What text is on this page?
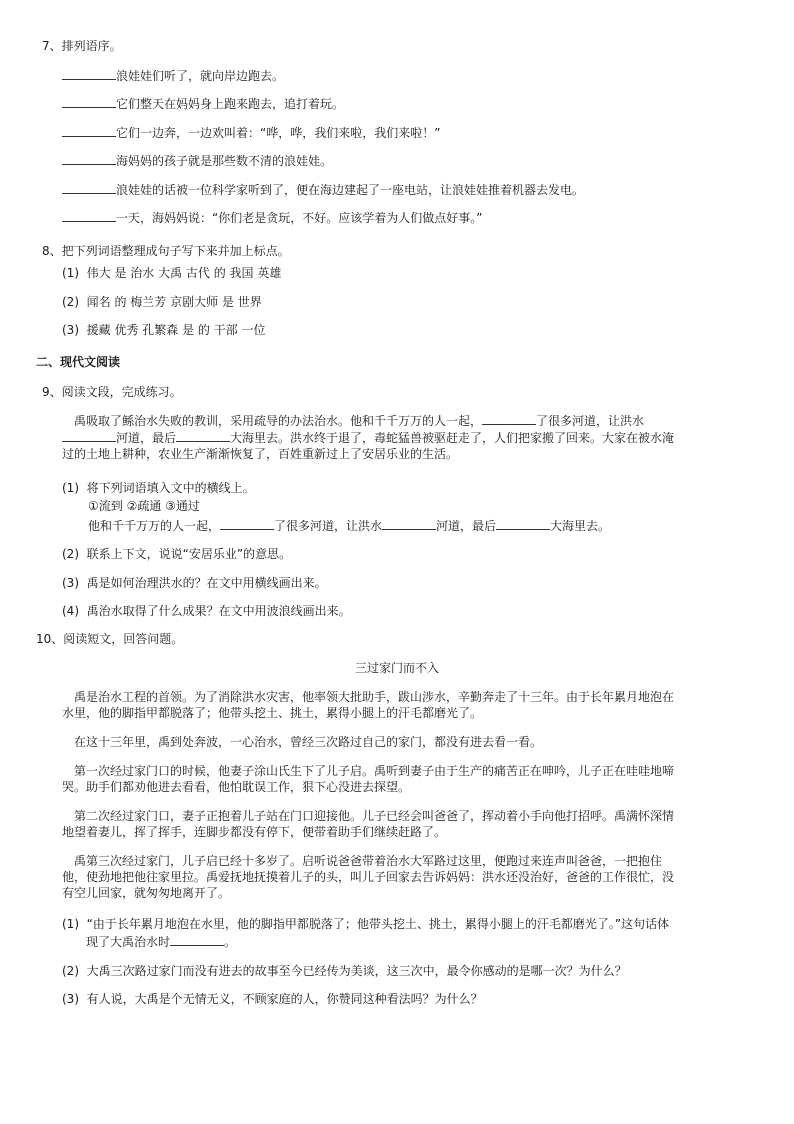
7、排列语序。
浪娃娃们听了，就向岸边跑去。
它们整天在妈妈身上跑来跑去，追打着玩。
它们一边奔，一边欢叫着：“哗，哗，我们来啦，我们来啦！”
海妈妈的孩子就是那些数不清的浪娃娃。
浪娃娃的话被一位科学家听到了，便在海边建起了一座电站，让浪娃娃推着机器去发电。
一天，海妈妈说：“你们老是贪玩，不好。应该学着为人们做点好事。”
8、把下列词语整理成句子写下来并加上标点。
(1) 伟大 是 治水 大禹 古代 的 我国 英雄
(2) 闻名 的 梅兰芳 京剧大师 是 世界
(3) 援藏 优秀 孔繁森 是 的 干部 一位
二、现代文阅读
9、阅读文段，完成练习。
禹吸取了鲧治水失败的教训，采用疏导的办法治水。他和千千万万的人一起，	了很多河道，让洪水
河道，最后	大海里去。洪水终于退了，毒蛇猛兽被驱赶走了，人们把家搬了回来。大家在被水淹
过的土地上耕种，农业生产渐渐恢复了，百姓重新过上了安居乐业的生活。
(1) 将下列词语填入文中的横线上。
①流到 ②疏通 ③通过
他和千千万万的人一起，	了很多河道，让洪水	河道，最后	大海里去。
(2) 联系上下文，说说“安居乐业”的意思。
(3) 禹是如何治理洪水的？在文中用横线画出来。
(4) 禹治水取得了什么成果？在文中用波浪线画出来。
10、阅读短文，回答问题。
三过家门而不入
禹是治水工程的首领。为了消除洪水灾害，他率领大批助手，跋山涉水，辛勤奔走了十三年。由于长年累月地泡在
水里，他的脚指甲都脱落了；他带头挖土、挑土，累得小腿上的汗毛都磨光了。
在这十三年里，禹到处奔波，一心治水，曾经三次路过自己的家门，都没有进去看一看。
第一次经过家门口的时候，他妻子涂山氏生下了儿子启。禹听到妻子由于生产的痛苦正在呻吟，儿子正在哇哇地啼
哭。助手们都劝他进去看看，他怕耽误工作，狠下心没进去探望。
第二次经过家门口，妻子正抱着儿子站在门口迎接他。儿子已经会叫爸爸了，挥动着小手向他打招呼。禹满怀深情
地望着妻儿，挥了挥手，连脚步都没有停下，便带着助手们继续赶路了。
禹第三次经过家门，儿子启已经十多岁了。启听说爸爸带着治水大军路过这里，便跑过来连声叫爸爸，一把抱住
他，使劲地把他往家里拉。禹爱抚地抚摸着儿子的头，叫儿子回家去告诉妈妈：洪水还没治好，爸爸的工作很忙，没
有空儿回家，就匆匆地离开了。
(1) “由于长年累月地泡在水里，他的脚指甲都脱落了；他带头挖土、挑土，累得小腿上的汗毛都磨光了。”这句话体
现了大禹治水时	。
(2) 大禹三次路过家门而没有进去的故事至今已经传为美谈，这三次中，最令你感动的是哪一次？为什么？
(3) 有人说，大禹是个无情无义，不顾家庭的人，你赞同这种看法吗？为什么？
